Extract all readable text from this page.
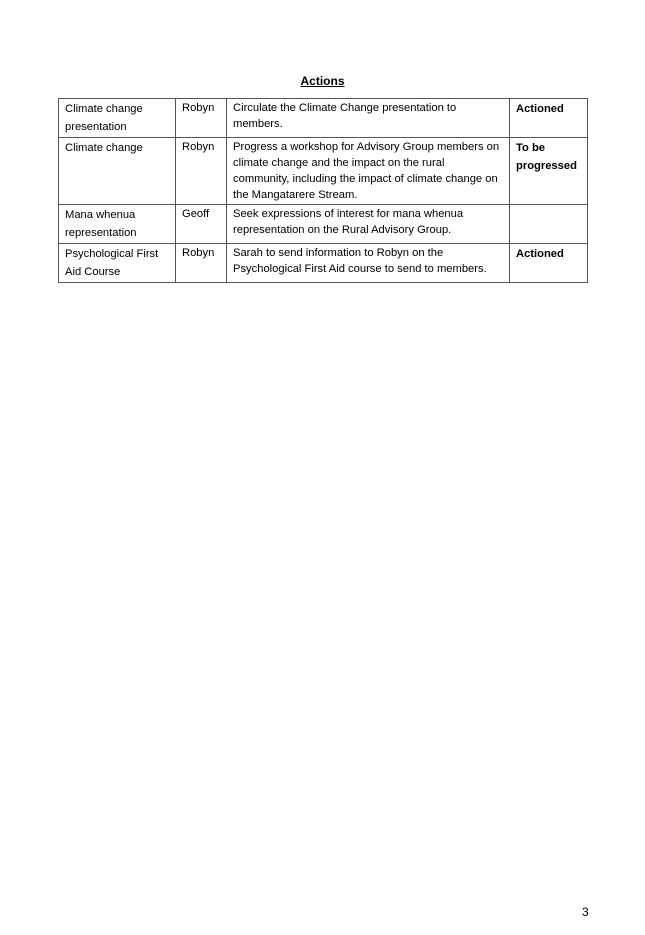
Actions
Climate change presentation	Robyn	Circulate the Climate Change presentation to members.	Actioned
Climate change	Robyn	Progress a workshop for Advisory Group members on climate change and the impact on the rural community, including the impact of climate change on the Mangatarere Stream.	To be progressed
Mana whenua representation	Geoff	Seek expressions of interest for mana whenua representation on the Rural Advisory Group.	
Psychological First Aid Course	Robyn	Sarah to send information to Robyn on the Psychological First Aid course to send to members.	Actioned
3
